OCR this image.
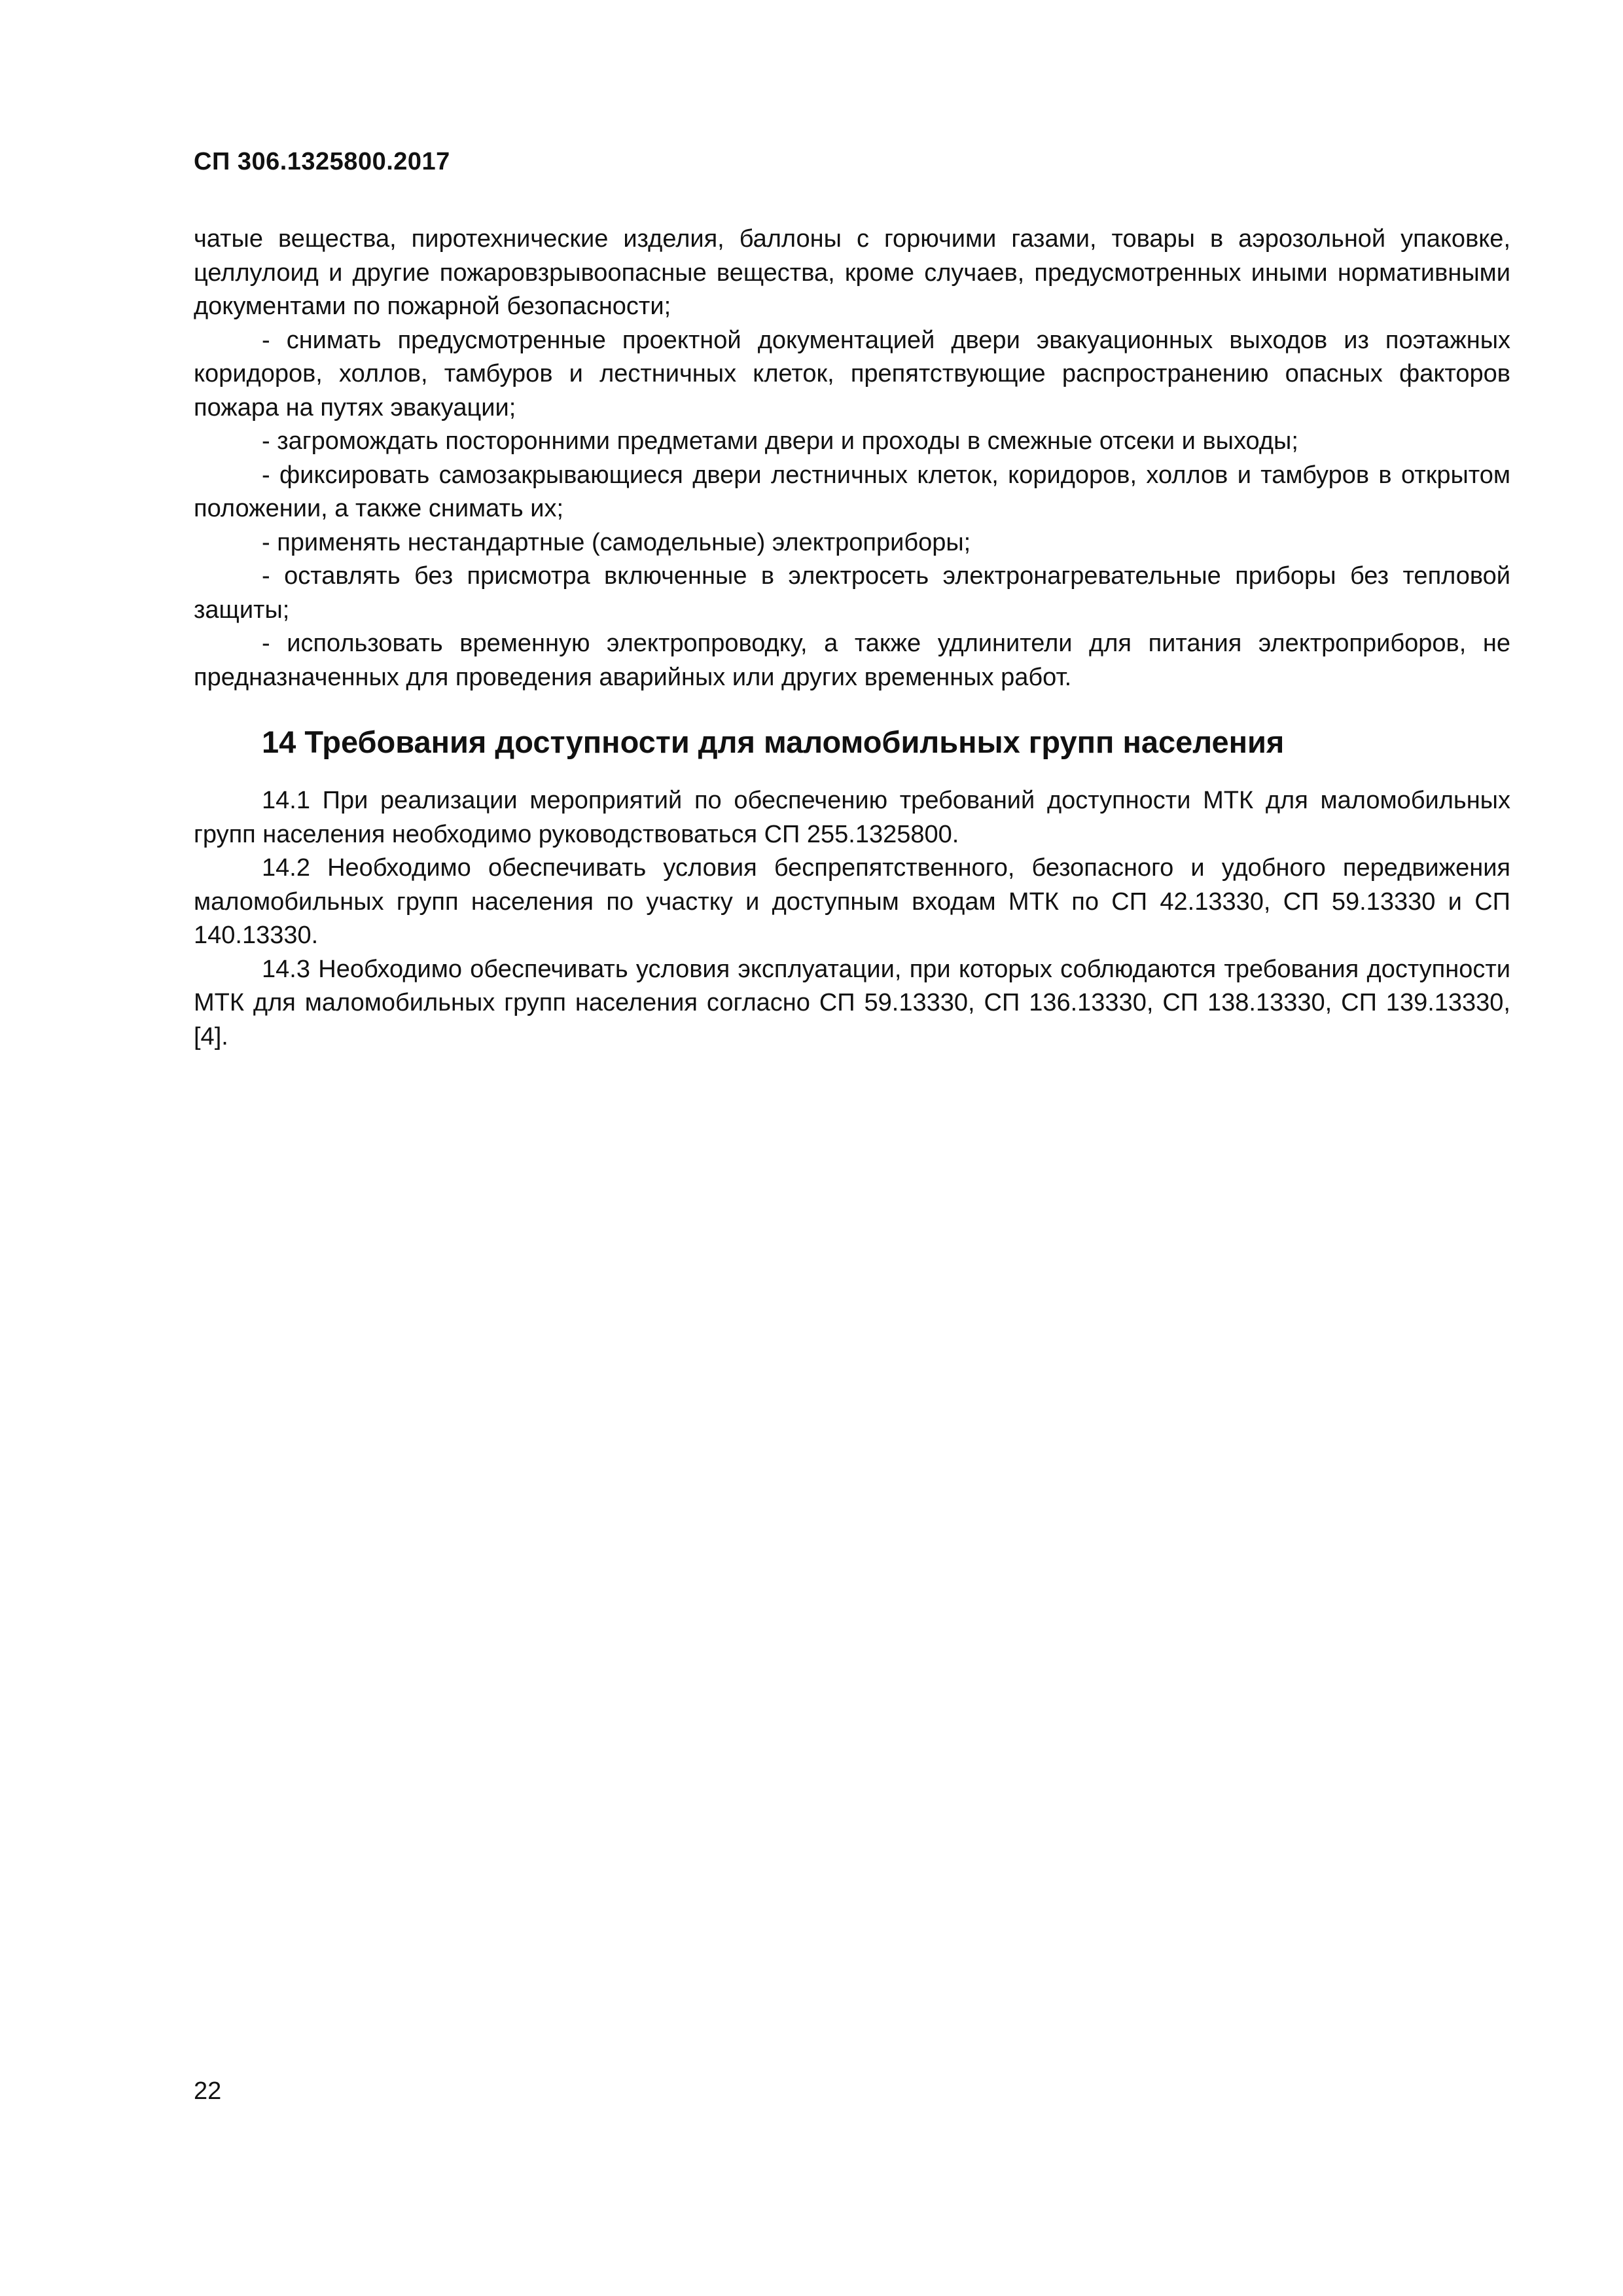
СП 306.1325800.2017

чатые вещества, пиротехнические изделия, баллоны с горючими газами, товары в аэрозольной упаковке, целлулоид и другие пожаровзрывоопасные вещества, кроме случаев, предусмотренных иными нормативными документами по пожарной безопасности;

- снимать предусмотренные проектной документацией двери эвакуационных выходов из поэтажных коридоров, холлов, тамбуров и лестничных клеток, препятствующие распространению опасных факторов пожара на путях эвакуации;

- загромождать посторонними предметами двери и проходы в смежные отсеки и выходы;

- фиксировать самозакрывающиеся двери лестничных клеток, коридоров, холлов и тамбуров в открытом положении, а также снимать их;

- применять нестандартные (самодельные) электроприборы;

- оставлять без присмотра включенные в электросеть электронагревательные приборы без тепловой защиты;

- использовать временную электропроводку, а также удлинители для питания электроприборов, не предназначенных для проведения аварийных или других временных работ.

14 Требования доступности для маломобильных групп населения

14.1 При реализации мероприятий по обеспечению требований доступности МТК для маломобильных групп населения необходимо руководствоваться СП 255.1325800.

14.2 Необходимо обеспечивать условия беспрепятственного, безопасного и удобного передвижения маломобильных групп населения по участку и доступным входам МТК по СП 42.13330, СП 59.13330 и СП 140.13330.

14.3 Необходимо обеспечивать условия эксплуатации, при которых соблюдаются требования доступности МТК для маломобильных групп населения согласно СП 59.13330, СП 136.13330, СП 138.13330, СП 139.13330, [4].

22
